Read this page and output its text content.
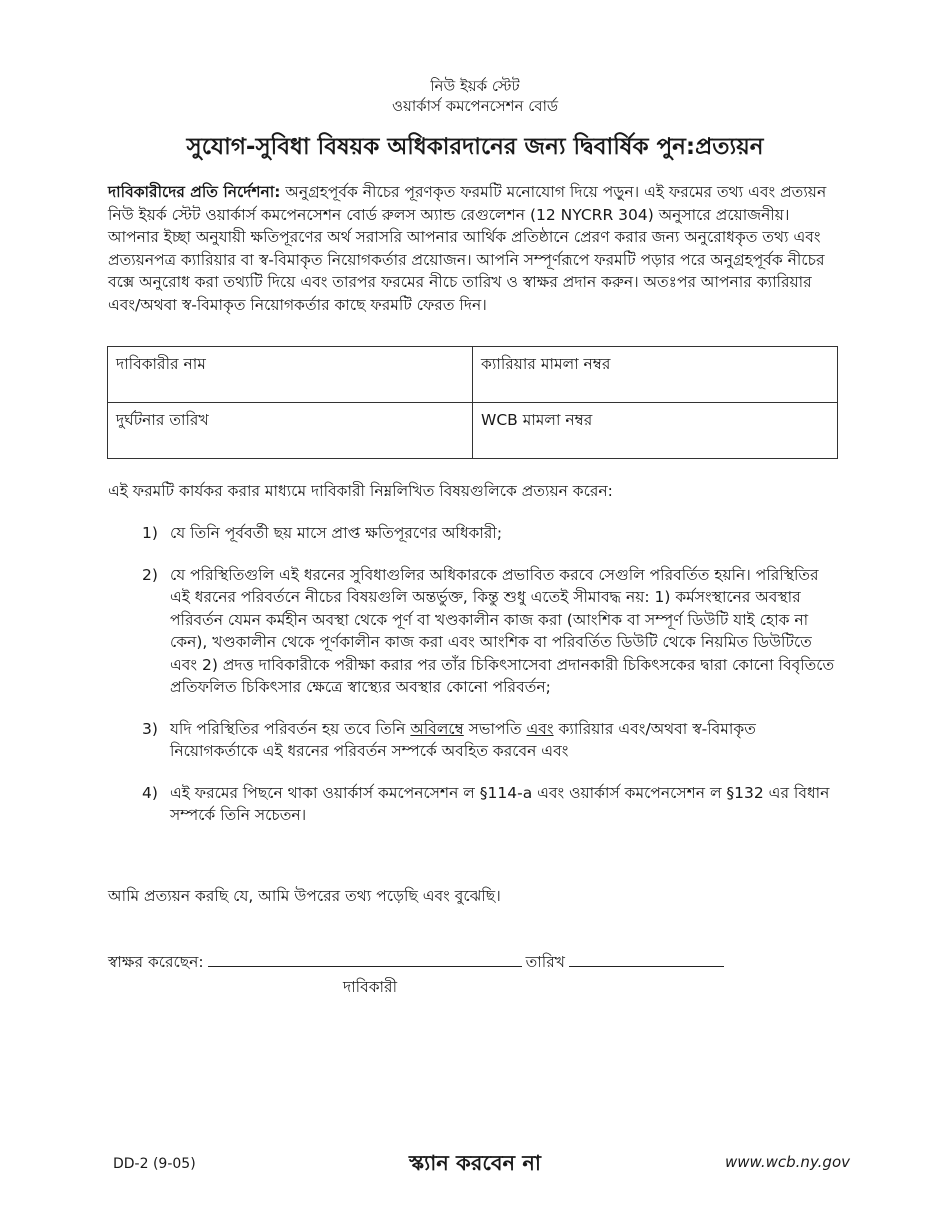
নিউ ইয়র্ক স্টেট
ওয়ার্কার্স কমপেনসেশন বোর্ড
সুযোগ-সুবিধা বিষয়ক অধিকারদানের জন্য দ্বিবার্ষিক পুন:প্রত্যয়ন

দাবিকারীদের প্রতি নির্দেশনা: অনুগ্রহপূর্বক নীচের পূরণকৃত ফরমটি মনোযোগ দিয়ে পড়ুন। এই ফরমের তথ্য এবং প্রত্যয়ন নিউ ইয়র্ক স্টেট ওয়ার্কার্স কমপেনসেশন বোর্ড রুলস অ্যান্ড রেগুলেশন (12 NYCRR 304) অনুসারে প্রয়োজনীয়। আপনার ইচ্ছা অনুযায়ী ক্ষতিপূরণের অর্থ সরাসরি আপনার আর্থিক প্রতিষ্ঠানে প্রেরণ করার জন্য অনুরোধকৃত তথ্য এবং প্রত্যয়নপত্র ক্যারিয়ার বা স্ব-বিমাকৃত নিয়োগকর্তার প্রয়োজন। আপনি সম্পূর্ণরূপে ফরমটি পড়ার পরে অনুগ্রহপূর্বক নীচের বক্সে অনুরোধ করা তথ্যটি দিয়ে এবং তারপর ফরমের নীচে তারিখ ও স্বাক্ষর প্রদান করুন। অতঃপর আপনার ক্যারিয়ার এবং/অথবা স্ব-বিমাকৃত নিয়োগকর্তার কাছে ফরমটি ফেরত দিন।

দাবিকারীর নাম	ক্যারিয়ার মামলা নম্বর
দুর্ঘটনার তারিখ	WCB মামলা নম্বর
এই ফরমটি কার্যকর করার মাধ্যমে দাবিকারী নিম্নলিখিত বিষয়গুলিকে প্রত্যয়ন করেন:
1) যে তিনি পূর্ববর্তী ছয় মাসে প্রাপ্ত ক্ষতিপূরণের অধিকারী;
2) যে পরিস্থিতিগুলি এই ধরনের সুবিধাগুলির অধিকারকে প্রভাবিত করবে সেগুলি পরিবর্তিত হয়নি। পরিস্থিতির এই ধরনের পরিবর্তনে নীচের বিষয়গুলি অন্তর্ভুক্ত, কিন্তু শুধু এতেই সীমাবদ্ধ নয়: 1) কর্মসংস্থানের অবস্থার পরিবর্তন যেমন কর্মহীন অবস্থা থেকে পূর্ণ বা খণ্ডকালীন কাজ করা (আংশিক বা সম্পূর্ণ ডিউটি যাই হোক না কেন), খণ্ডকালীন থেকে পূর্ণকালীন কাজ করা এবং আংশিক বা পরিবর্তিত ডিউটি থেকে নিয়মিত ডিউটিতে এবং 2) প্রদত্ত দাবিকারীকে পরীক্ষা করার পর তাঁর চিকিৎসাসেবা প্রদানকারী চিকিৎসকের দ্বারা কোনো বিবৃতিতে প্রতিফলিত চিকিৎসার ক্ষেত্রে স্বাস্থ্যের অবস্থার কোনো পরিবর্তন;
3) যদি পরিস্থিতির পরিবর্তন হয় তবে তিনি অবিলম্বে সভাপতি এবং ক্যারিয়ার এবং/অথবা স্ব-বিমাকৃত নিয়োগকর্তাকে এই ধরনের পরিবর্তন সম্পর্কে অবহিত করবেন এবং
4) এই ফরমের পিছনে থাকা ওয়ার্কার্স কমপেনসেশন ল §114-a এবং ওয়ার্কার্স কমপেনসেশন ল §132 এর বিধান সম্পর্কে তিনি সচেতন।
আমি প্রত্যয়ন করছি যে, আমি উপরের তথ্য পড়েছি এবং বুঝেছি।
স্বাক্ষর করেছেন:	তারিখ
দাবিকারী
DD-2 (9-05)	স্ক্যান করবেন না	www.wcb.ny.gov
